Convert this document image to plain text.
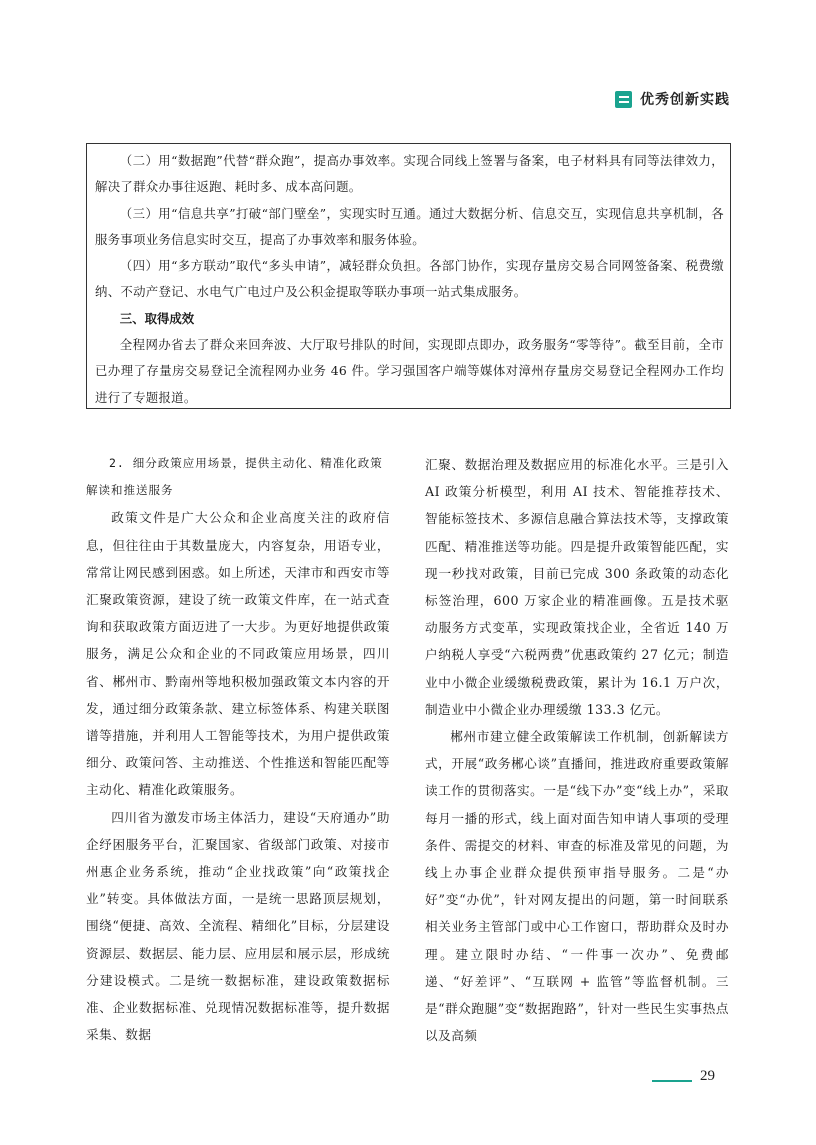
优秀创新实践

（二）用“数据跑”代替“群众跑”，提高办事效率。实现合同线上签署与备案，电子材料具有同等法律效力，解决了群众办事往返跑、耗时多、成本高问题。

（三）用“信息共享”打破“部门壁垒”，实现实时互通。通过大数据分析、信息交互，实现信息共享机制，各服务事项业务信息实时交互，提高了办事效率和服务体验。

（四）用“多方联动”取代“多头申请”，减轻群众负担。各部门协作，实现存量房交易合同网签备案、税费缴纳、不动产登记、水电气广电过户及公积金提取等联办事项一站式集成服务。

三、取得成效

全程网办省去了群众来回奔波、大厅取号排队的时间，实现即点即办，政务服务“零等待”。截至目前，全市已办理了存量房交易登记全流程网办业务 46 件。学习强国客户端等媒体对漳州存量房交易登记全程网办工作均进行了专题报道。

2. 细分政策应用场景，提供主动化、精准化政策解读和推送服务

政策文件是广大公众和企业高度关注的政府信息，但往往由于其数量庞大，内容复杂，用语专业，常常让网民感到困惑。如上所述，天津市和西安市等汇聚政策资源，建设了统一政策文件库，在一站式查询和获取政策方面迈进了一大步。为更好地提供政策服务，满足公众和企业的不同政策应用场景，四川省、郴州市、黔南州等地积极加强政策文本内容的开发，通过细分政策条款、建立标签体系、构建关联图谱等措施，并利用人工智能等技术，为用户提供政策细分、政策问答、主动推送、个性推送和智能匹配等主动化、精准化政策服务。

四川省为激发市场主体活力，建设“天府通办”助企纾困服务平台，汇聚国家、省级部门政策、对接市州惠企业务系统，推动“企业找政策”向“政策找企业”转变。具体做法方面，一是统一思路顶层规划，围绕“便捷、高效、全流程、精细化”目标，分层建设资源层、数据层、能力层、应用层和展示层，形成统分建设模式。二是统一数据标准，建设政策数据标准、企业数据标准、兑现情况数据标准等，提升数据采集、数据

汇聚、数据治理及数据应用的标准化水平。三是引入 AI 政策分析模型，利用 AI 技术、智能推荐技术、智能标签技术、多源信息融合算法技术等，支撑政策匹配、精准推送等功能。四是提升政策智能匹配，实现一秒找对政策，目前已完成 300 条政策的动态化标签治理，600 万家企业的精准画像。五是技术驱动服务方式变革，实现政策找企业，全省近 140 万户纳税人享受“六税两费”优惠政策约 27 亿元；制造业中小微企业缓缴税费政策，累计为 16.1 万户次，制造业中小微企业办理缓缴 133.3 亿元。

郴州市建立健全政策解读工作机制，创新解读方式，开展“政务郴心谈”直播间，推进政府重要政策解读工作的贯彻落实。一是“线下办”变“线上办”，采取每月一播的形式，线上面对面告知申请人事项的受理条件、需提交的材料、审查的标准及常见的问题，为线上办事企业群众提供预审指导服务。二是“办好”变“办优”，针对网友提出的问题，第一时间联系相关业务主管部门或中心工作窗口，帮助群众及时办理。建立限时办结、“一件事一次办”、免费邮递、“好差评”、“互联网 + 监管”等监督机制。三是“群众跑腿”变“数据跑路”，针对一些民生实事热点以及高频

29
